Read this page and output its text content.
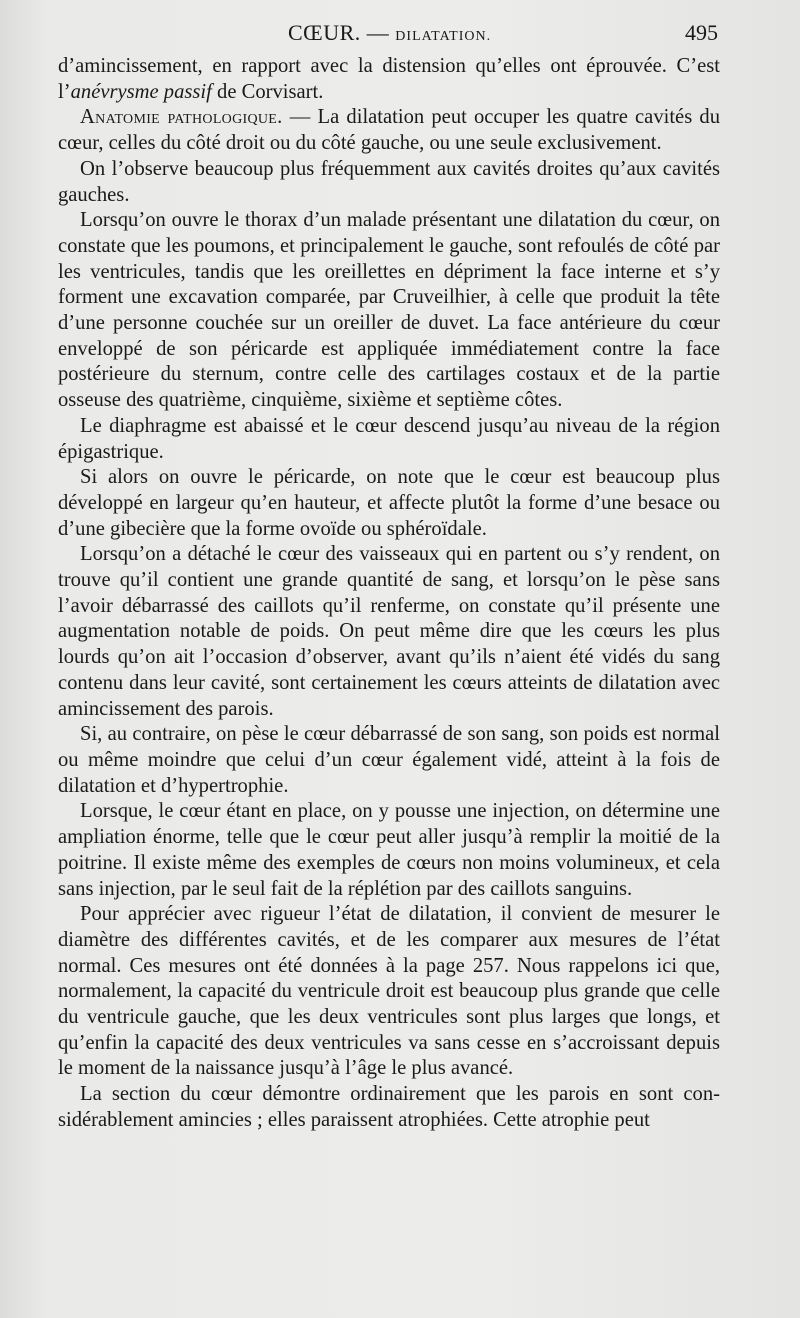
CŒUR. — DILATATION.	495

d’amincissement, en rapport avec la distension qu’elles ont éprouvée. C’est l’anévrysme passif de Corvisart.

Anatomie pathologique. — La dilatation peut occuper les quatre cavités du cœur, celles du côté droit ou du côté gauche, ou une seule exclusivement.

On l’observe beaucoup plus fréquemment aux cavités droites qu’aux cavités gauches.

Lorsqu’on ouvre le thorax d’un malade présentant une dilatation du cœur, on constate que les poumons, et principalement le gauche, sont refoulés de côté par les ventricules, tandis que les oreillettes en dépriment la face interne et s’y forment une excavation comparée, par Cruveilhier, à celle que produit la tête d’une personne couchée sur un oreiller de duvet. La face antérieure du cœur enveloppé de son péricarde est appliquée immédiatement contre la face postérieure du sternum, contre celle des cartilages costaux et de la partie osseuse des quatrième, cinquième, sixième et septième côtes.

Le diaphragme est abaissé et le cœur descend jusqu’au niveau de la région épigastrique.

Si alors on ouvre le péricarde, on note que le cœur est beaucoup plus développé en largeur qu’en hauteur, et affecte plutôt la forme d’une besace ou d’une gibecière que la forme ovoïde ou sphéroïdale.

Lorsqu’on a détaché le cœur des vaisseaux qui en partent ou s’y rendent, on trouve qu’il contient une grande quantité de sang, et lorsqu’on le pèse sans l’avoir débarrassé des caillots qu’il renferme, on constate qu’il présente une augmentation notable de poids. On peut même dire que les cœurs les plus lourds qu’on ait l’occasion d’observer, avant qu’ils n’aient été vidés du sang contenu dans leur cavité, sont certainement les cœurs atteints de dilatation avec amincissement des parois.

Si, au contraire, on pèse le cœur débarrassé de son sang, son poids est normal ou même moindre que celui d’un cœur également vidé, atteint à la fois de dilatation et d’hypertrophie.

Lorsque, le cœur étant en place, on y pousse une injection, on détermine une ampliation énorme, telle que le cœur peut aller jusqu’à remplir la moitié de la poitrine. Il existe même des exemples de cœurs non moins volumineux, et cela sans injection, par le seul fait de la réplétion par des caillots sanguins.

Pour apprécier avec rigueur l’état de dilatation, il convient de mesurer le diamètre des différentes cavités, et de les comparer aux mesures de l’état normal. Ces mesures ont été données à la page 257. Nous rappelons ici que, normalement, la capacité du ventricule droit est beaucoup plus grande que celle du ventricule gauche, que les deux ventricules sont plus larges que longs, et qu’enfin la capacité des deux ventricules va sans cesse en s’accroissant depuis le moment de la naissance jusqu’à l’âge le plus avancé.

La section du cœur démontre ordinairement que les parois en sont considérablement amincies ; elles paraissent atrophiées. Cette atrophie peut
